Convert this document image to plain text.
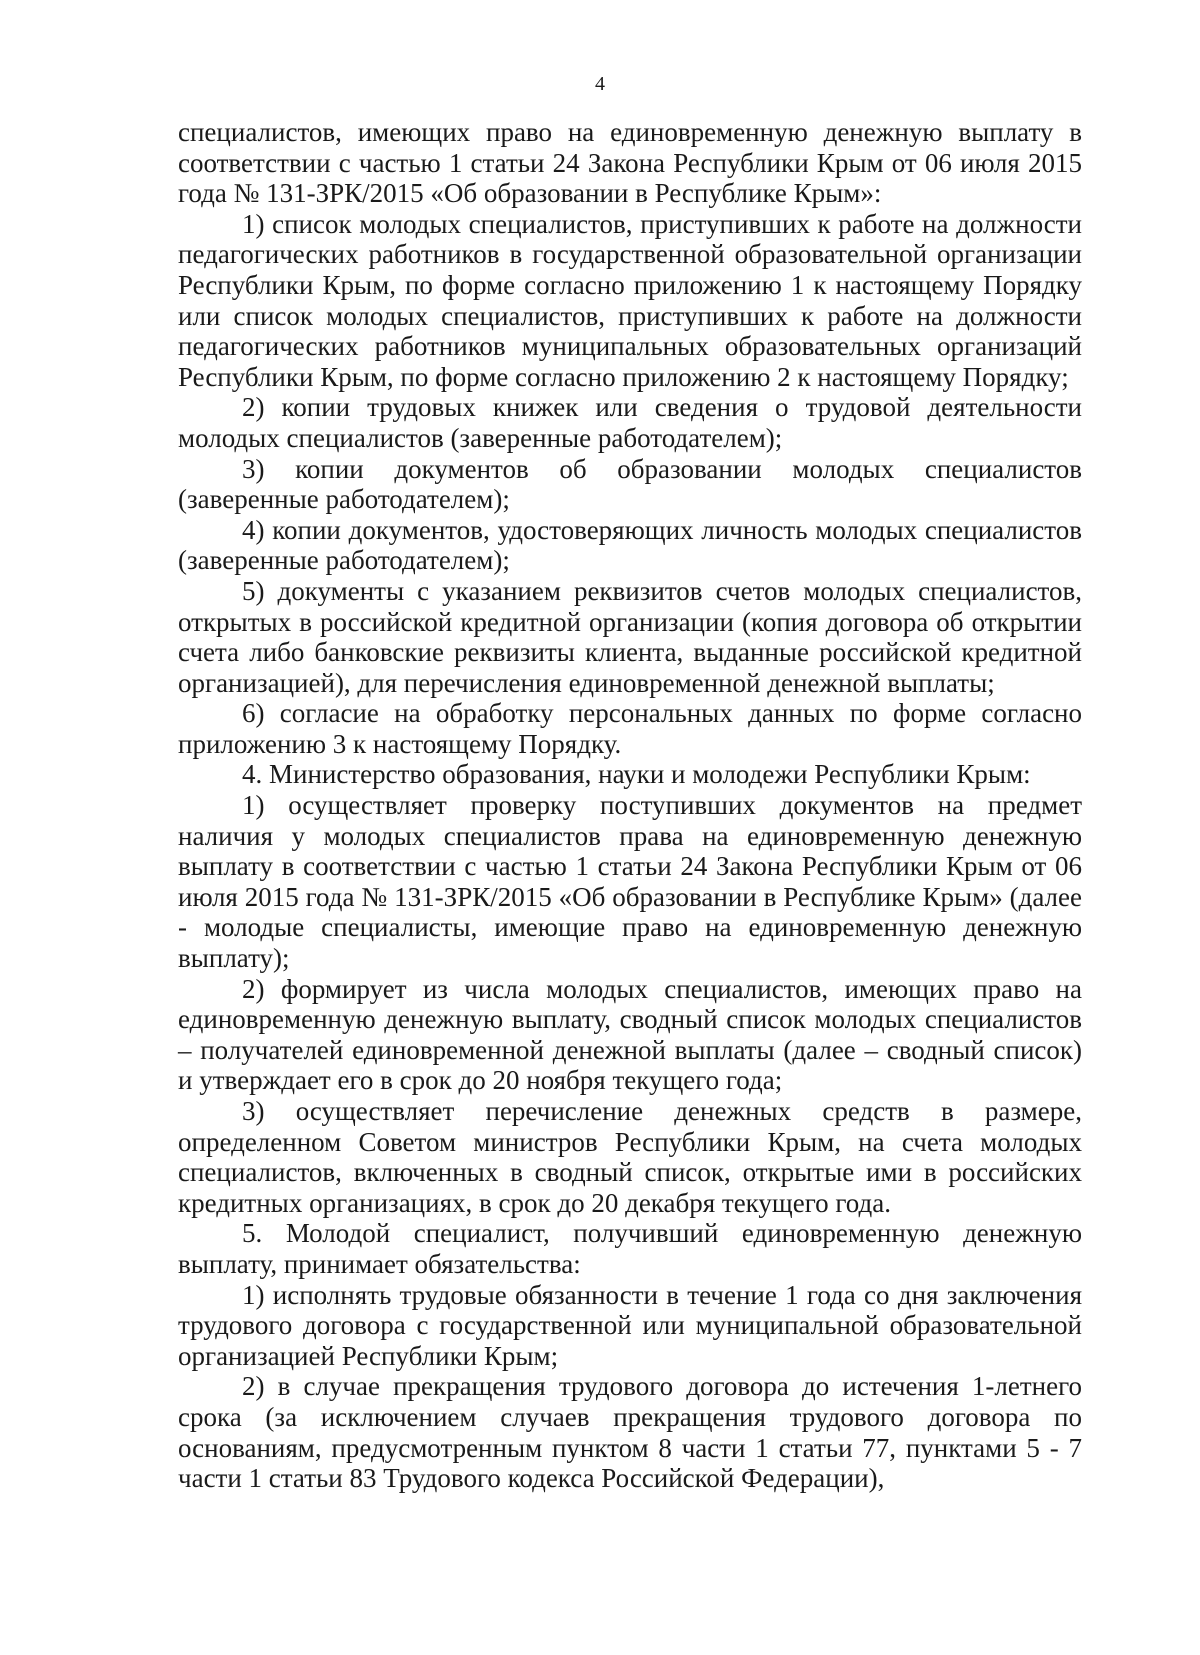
4

специалистов, имеющих право на единовременную денежную выплату в соответствии с частью 1 статьи 24 Закона Республики Крым от 06 июля 2015 года № 131-ЗРК/2015 «Об образовании в Республике Крым»:

1) список молодых специалистов, приступивших к работе на должности педагогических работников в государственной образовательной организации Республики Крым, по форме согласно приложению 1 к настоящему Порядку или список молодых специалистов, приступивших к работе на должности педагогических работников муниципальных образовательных организаций Республики Крым, по форме согласно приложению 2 к настоящему Порядку;

2) копии трудовых книжек или сведения о трудовой деятельности молодых специалистов (заверенные работодателем);

3) копии документов об образовании молодых специалистов (заверенные работодателем);

4) копии документов, удостоверяющих личность молодых специалистов (заверенные работодателем);

5) документы с указанием реквизитов счетов молодых специалистов, открытых в российской кредитной организации (копия договора об открытии счета либо банковские реквизиты клиента, выданные российской кредитной организацией), для перечисления единовременной денежной выплаты;

6) согласие на обработку персональных данных по форме согласно приложению 3 к настоящему Порядку.

4. Министерство образования, науки и молодежи Республики Крым:

1) осуществляет проверку поступивших документов на предмет наличия у молодых специалистов права на единовременную денежную выплату в соответствии с частью 1 статьи 24 Закона Республики Крым от 06 июля 2015 года № 131-ЗРК/2015 «Об образовании в Республике Крым» (далее - молодые специалисты, имеющие право на единовременную денежную выплату);

2) формирует из числа молодых специалистов, имеющих право на единовременную денежную выплату, сводный список молодых специалистов – получателей единовременной денежной выплаты (далее – сводный список) и утверждает его в срок до 20 ноября текущего года;

3) осуществляет перечисление денежных средств в размере, определенном Советом министров Республики Крым, на счета молодых специалистов, включенных в сводный список, открытые ими в российских кредитных организациях, в срок до 20 декабря текущего года.

5. Молодой специалист, получивший единовременную денежную выплату, принимает обязательства:

1) исполнять трудовые обязанности в течение 1 года со дня заключения трудового договора с государственной или муниципальной образовательной организацией Республики Крым;

2) в случае прекращения трудового договора до истечения 1-летнего срока (за исключением случаев прекращения трудового договора по основаниям, предусмотренным пунктом 8 части 1 статьи 77, пунктами 5 - 7 части 1 статьи 83 Трудового кодекса Российской Федерации),
